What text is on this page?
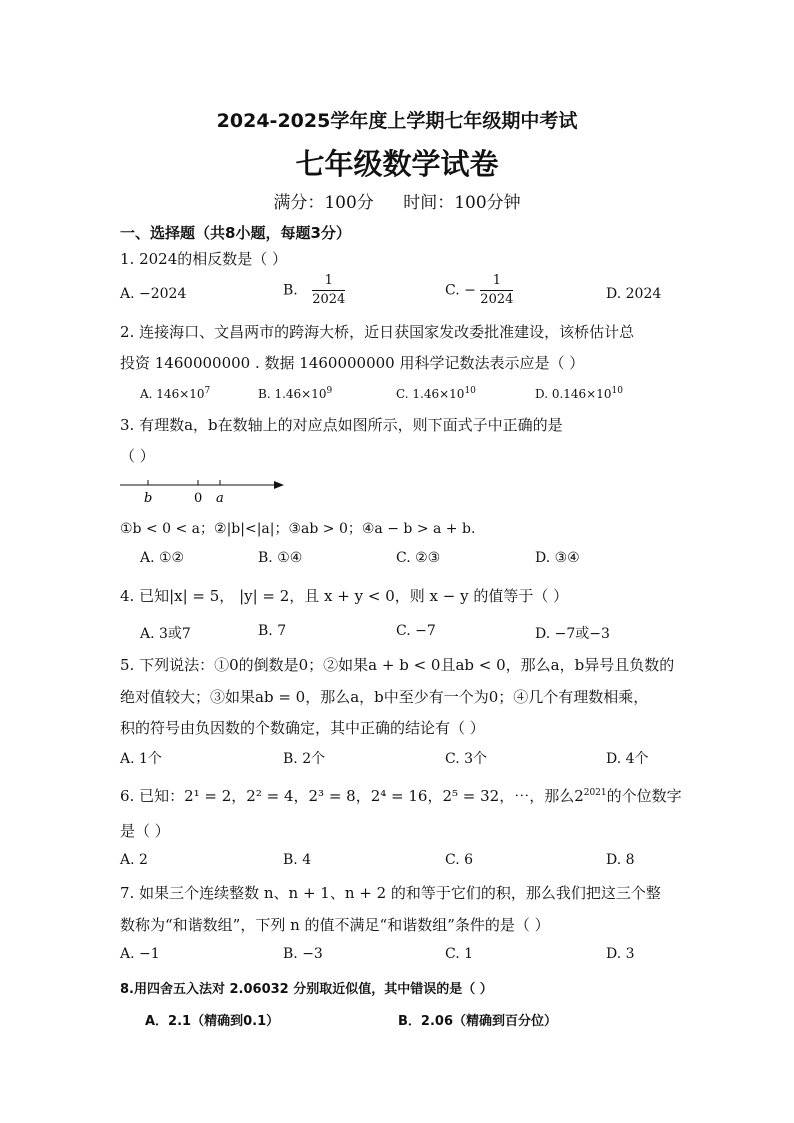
2024-2025学年度上学期七年级期中考试
七年级数学试卷
满分：100分 时间：100分钟
一、选择题（共8小题，每题3分）
1. 2024的相反数是（ ）
A. −2024	B. $\frac{1}{2024}$	C. − $\frac{1}{2024}$	D. 2024
2. 连接海口、文昌两市的跨海大桥，近日获国家发改委批准建设，该桥估计总
投资 1460000000 . 数据 1460000000 用科学记数法表示应是（ ）
A. $146\times 10^7$	B. $1.46\times 10^9$	C. $1.46\times 10^{10}$	D. $0.146\times 10^{10}$
3. 有理数a，b在数轴上的对应点如图所示，则下面式子中正确的是
（ ）
b	0 a
①b < 0 < a；②|b|<|a|；③ab > 0；④a − b > a + b.
A. ①②	B. ①④	C. ②③	D. ③④
4. 已知|x| = 5， |y| = 2，且 x + y < 0，则 x − y 的值等于（ ）
A. 3或7	B. 7	C. −7	D. −7或−3
5. 下列说法：①0的倒数是0；②如果a + b < 0且ab < 0，那么a，b异号且负数的
绝对值较大；③如果ab = 0，那么a，b中至少有一个为0；④几个有理数相乘，
积的符号由负因数的个数确定，其中正确的结论有（ ）
A. 1个	B. 2个	C. 3个	D. 4个
6. 已知：2¹ = 2，2² = 4，2³ = 8，2⁴ = 16，2⁵ = 32，⋯，那么$2^{2021}$的个位数字
是（ ）
A. 2	B. 4	C. 6	D. 8
7. 如果三个连续整数 n、n + 1、n + 2 的和等于它们的积，那么我们把这三个整
数称为“和谐数组”，下列 n 的值不满足“和谐数组”条件的是（ ）
A. −1	B. −3	C. 1	D. 3
8.用四舍五入法对 2.06032 分别取近似值，其中错误的是（ ）
A．2.1（精确到0.1）	B．2.06（精确到百分位）
